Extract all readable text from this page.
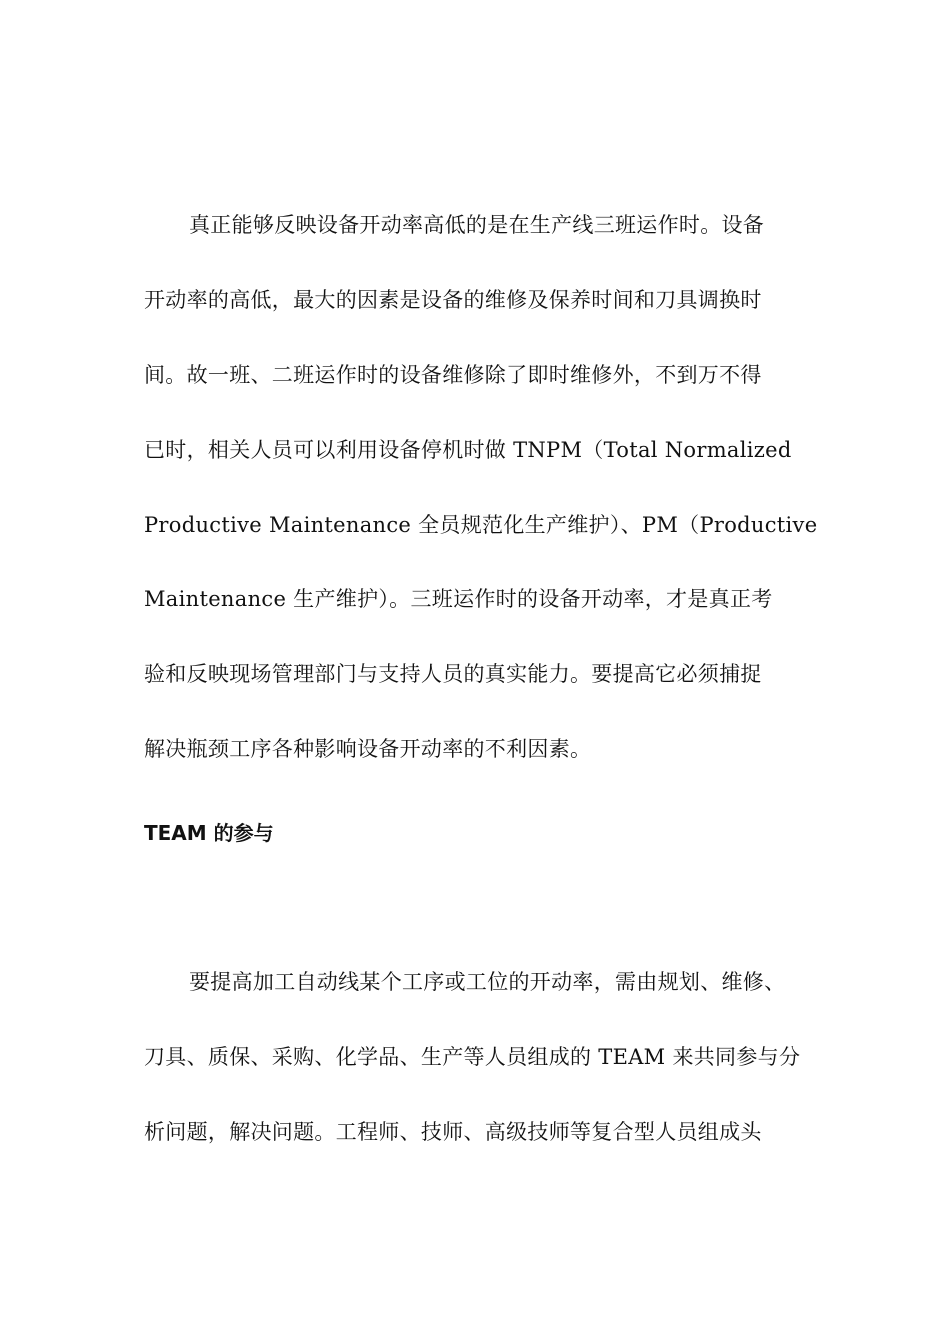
真正能够反映设备开动率高低的是在生产线三班运作时。设备
开动率的高低，最大的因素是设备的维修及保养时间和刀具调换时
间。故一班、二班运作时的设备维修除了即时维修外，不到万不得
已时，相关人员可以利用设备停机时做 TNPM（Total Normalized
Productive Maintenance 全员规范化生产维护）、PM（Productive
Maintenance 生产维护）。三班运作时的设备开动率，才是真正考
验和反映现场管理部门与支持人员的真实能力。要提高它必须捕捉
解决瓶颈工序各种影响设备开动率的不利因素。
TEAM 的参与
要提高加工自动线某个工序或工位的开动率，需由规划、维修、
刀具、质保、采购、化学品、生产等人员组成的 TEAM 来共同参与分
析问题，解决问题。工程师、技师、高级技师等复合型人员组成头
